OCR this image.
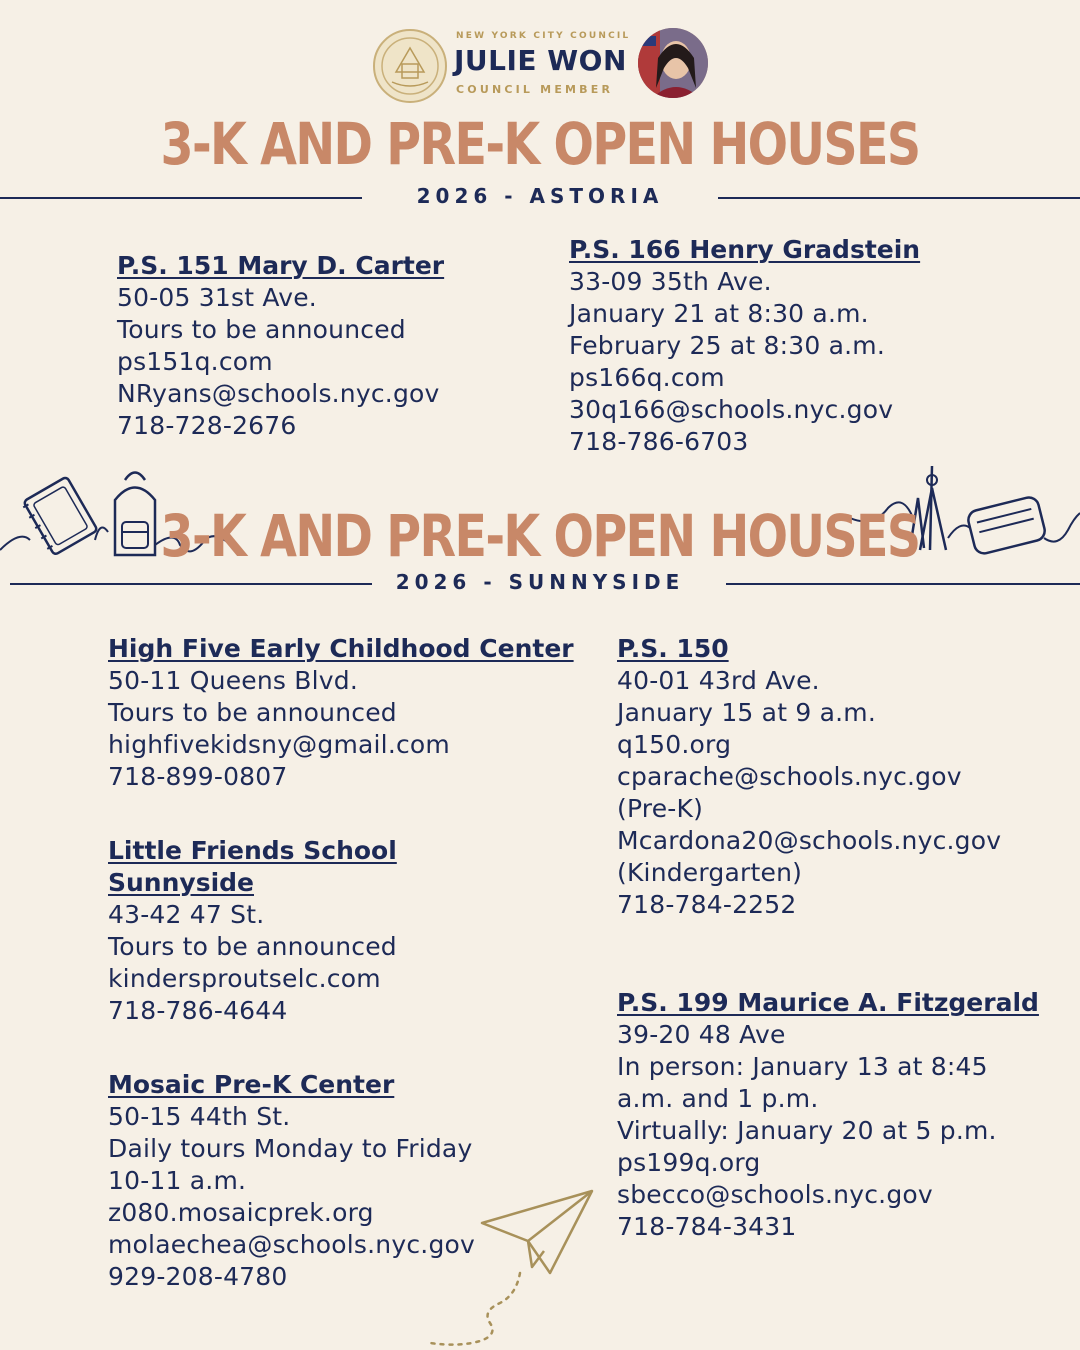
NEW YORK CITY COUNCIL
JULIE WON
COUNCIL MEMBER
3-K AND PRE-K OPEN HOUSES
2026 - ASTORIA
P.S. 151 Mary D. Carter
50-05 31st Ave.
Tours to be announced
ps151q.com
NRyans@schools.nyc.gov
718-728-2676
P.S. 166 Henry Gradstein
33-09 35th Ave.
January 21 at 8:30 a.m.
February 25 at 8:30 a.m.
ps166q.com
30q166@schools.nyc.gov
718-786-6703
3-K AND PRE-K OPEN HOUSES
2026 - SUNNYSIDE
High Five Early Childhood Center
50-11 Queens Blvd.
Tours to be announced
highfivekidsny@gmail.com
718-899-0807
Little Friends School
Sunnyside
43-42 47 St.
Tours to be announced
kindersproutselc.com
718-786-4644
Mosaic Pre-K Center
50-15 44th St.
Daily tours Monday to Friday
10-11 a.m.
z080.mosaicprek.org
molaechea@schools.nyc.gov
929-208-4780
P.S. 150
40-01 43rd Ave.
January 15 at 9 a.m.
q150.org
cparache@schools.nyc.gov
(Pre-K)
Mcardona20@schools.nyc.gov
(Kindergarten)
718-784-2252
P.S. 199 Maurice A. Fitzgerald
39-20 48 Ave
In person: January 13 at 8:45
a.m. and 1 p.m.
Virtually: January 20 at 5 p.m.
ps199q.org
sbecco@schools.nyc.gov
718-784-3431
